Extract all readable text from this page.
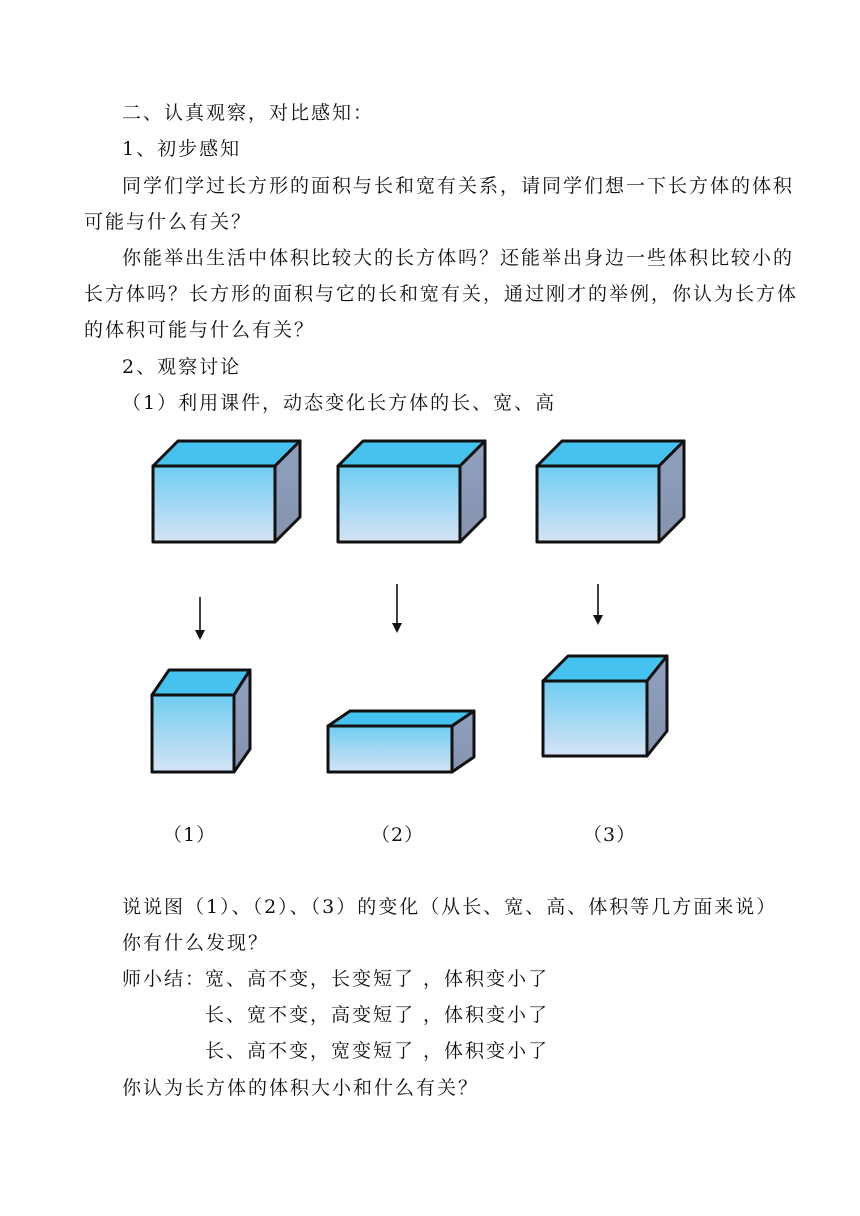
二、认真观察，对比感知：
1、初步感知
同学们学过长方形的面积与长和宽有关系，请同学们想一下长方体的体积
可能与什么有关？
你能举出生活中体积比较大的长方体吗？还能举出身边一些体积比较小的
长方体吗？长方形的面积与它的长和宽有关，通过刚才的举例，你认为长方体
的体积可能与什么有关？
2、观察讨论
（1）利用课件，动态变化长方体的长、宽、高
（1）	（2）	（3）
说说图（1）、（2）、（3）的变化（从长、宽、高、体积等几方面来说）
你有什么发现？
师小结：
宽、高不变，长变短了 ，体积变小了
长、宽不变，高变短了 ，体积变小了
长、高不变，宽变短了 ，体积变小了
你认为长方体的体积大小和什么有关？
